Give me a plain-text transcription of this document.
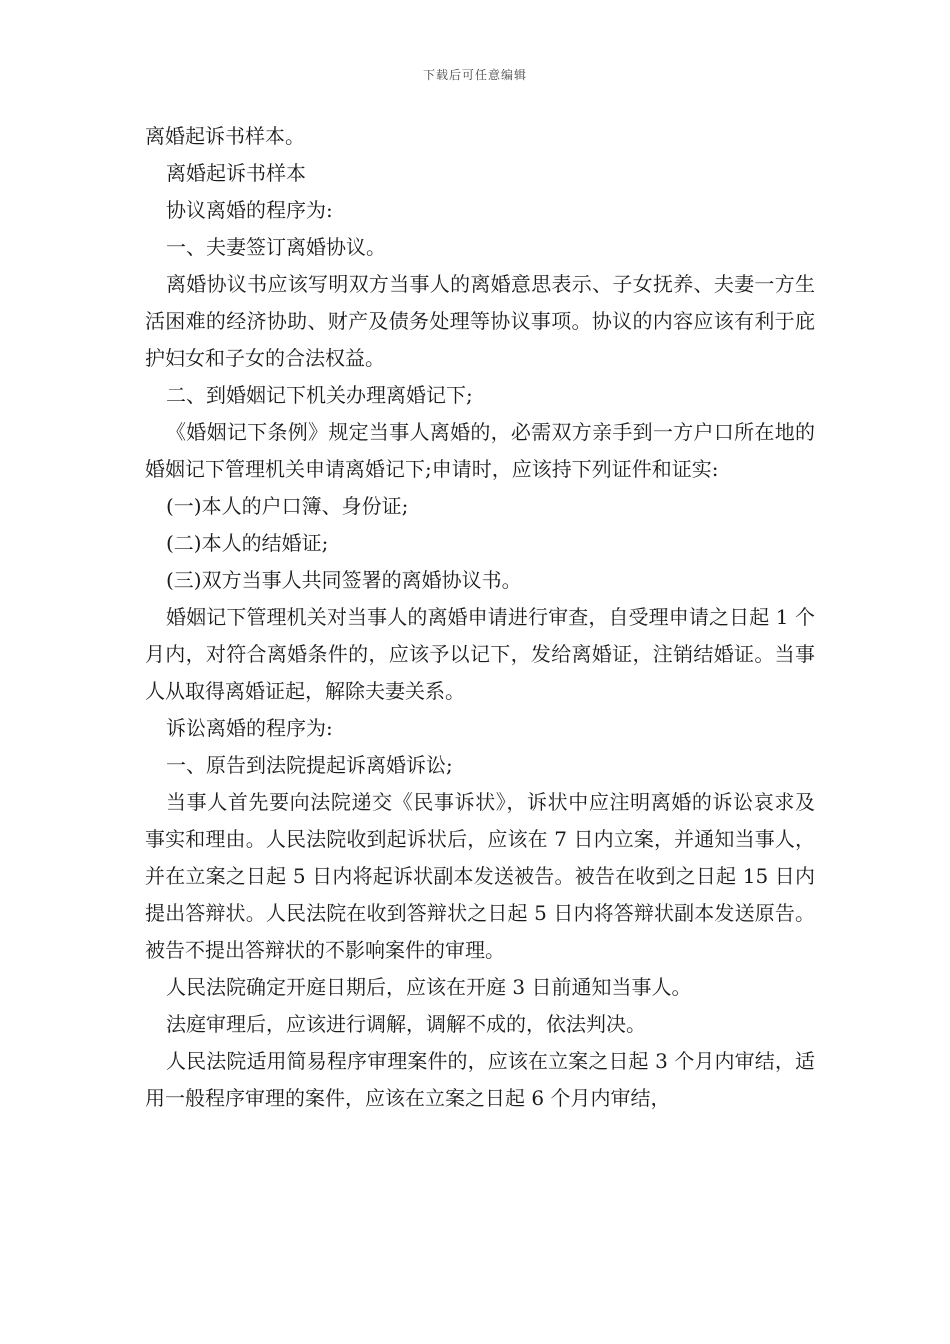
下载后可任意编辑
离婚起诉书样本。
离婚起诉书样本
协议离婚的程序为:
一、夫妻签订离婚协议。
离婚协议书应该写明双方当事人的离婚意思表示、子女抚养、夫妻一方生活困难的经济协助、财产及债务处理等协议事项。协议的内容应该有利于庇护妇女和子女的合法权益。
二、到婚姻记下机关办理离婚记下;
《婚姻记下条例》规定当事人离婚的，必需双方亲手到一方户口所在地的婚姻记下管理机关申请离婚记下;申请时，应该持下列证件和证实:
(一)本人的户口簿、身份证;
(二)本人的结婚证;
(三)双方当事人共同签署的离婚协议书。
婚姻记下管理机关对当事人的离婚申请进行审查，自受理申请之日起 1 个月内，对符合离婚条件的，应该予以记下，发给离婚证，注销结婚证。当事人从取得离婚证起，解除夫妻关系。
诉讼离婚的程序为:
一、原告到法院提起诉离婚诉讼;
当事人首先要向法院递交《民事诉状》，诉状中应注明离婚的诉讼哀求及事实和理由。人民法院收到起诉状后，应该在 7 日内立案，并通知当事人，并在立案之日起 5 日内将起诉状副本发送被告。被告在收到之日起 15 日内提出答辩状。人民法院在收到答辩状之日起 5 日内将答辩状副本发送原告。被告不提出答辩状的不影响案件的审理。
人民法院确定开庭日期后，应该在开庭 3 日前通知当事人。
法庭审理后，应该进行调解，调解不成的，依法判决。
人民法院适用简易程序审理案件的，应该在立案之日起 3 个月内审结，适用一般程序审理的案件，应该在立案之日起 6 个月内审结，
